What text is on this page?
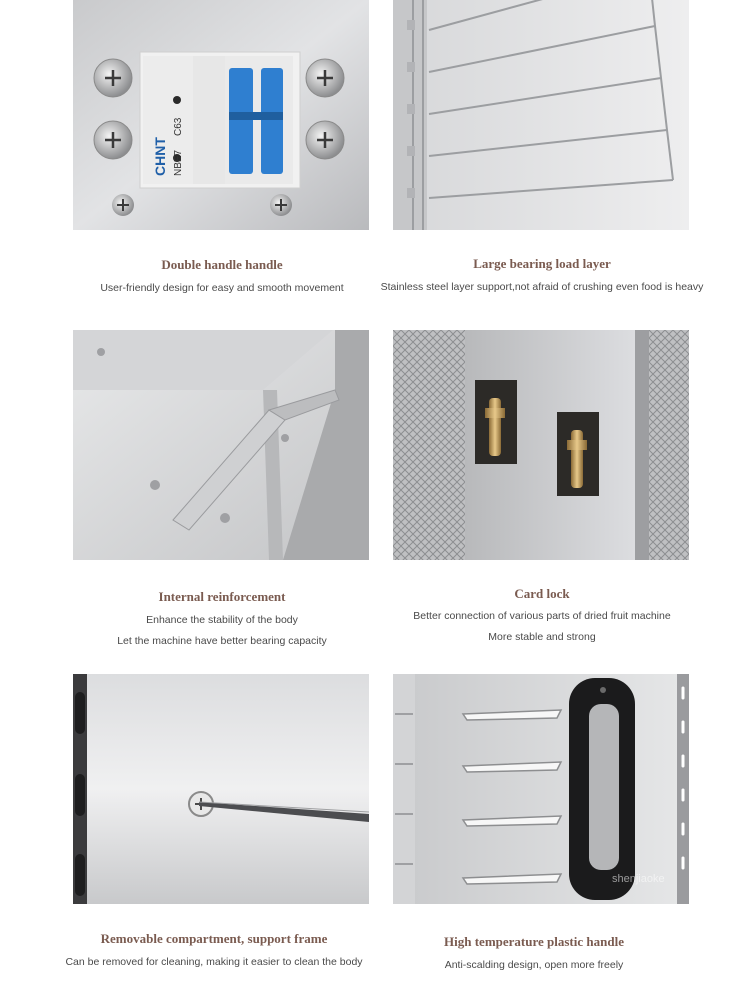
CHNT NBE7
C63
Double handle handle
User-friendly design for easy and smooth movement
Large bearing load layer
Stainless steel layer support,not afraid of crushing even food is heavy
Internal reinforcement
Enhance the stability of the body
Let the machine have better bearing capacity
Card lock
Better connection of various parts of dried fruit machine
More stable and strong
Removable compartment, support frame
Can be removed for cleaning, making it easier to clean the body
High temperature plastic handle
Anti-scalding design, open more freely
shenjiaoke
